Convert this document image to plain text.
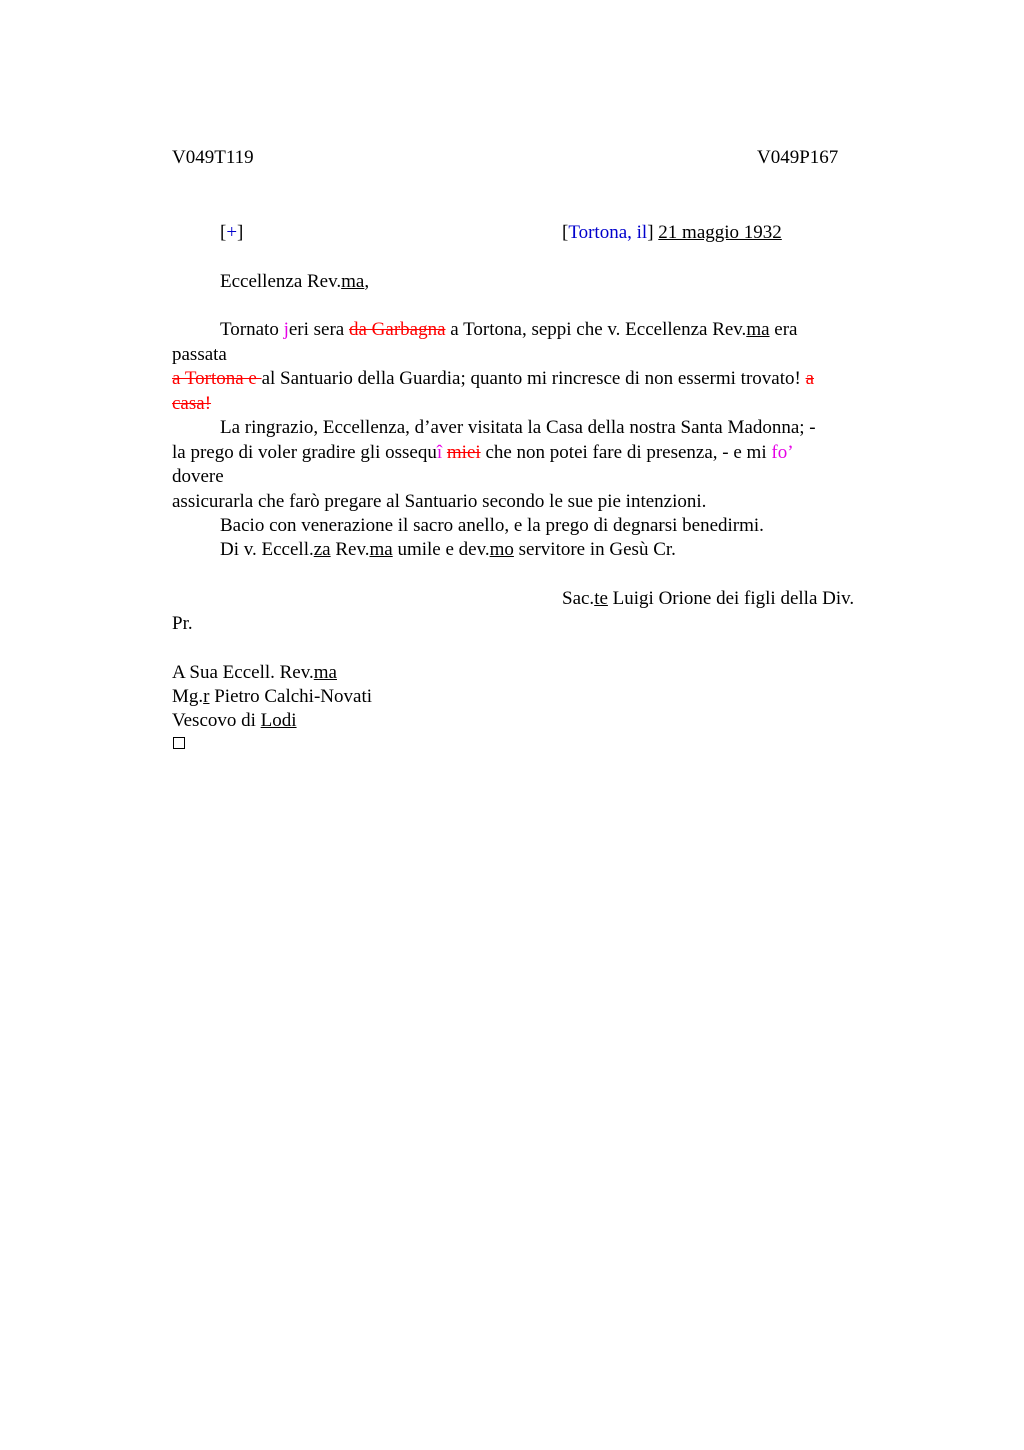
V049T119	V049P167
[+]	[Tortona, il] 21 maggio 1932
Eccellenza Rev.ma,
Tornato jeri sera da Garbagna a Tortona, seppi che v. Eccellenza Rev.ma era
passata
a Tortona e al Santuario della Guardia; quanto mi rincresce di non essermi trovato! a
casa!
La ringrazio, Eccellenza, d’aver visitata la Casa della nostra Santa Madonna; -
la prego di voler gradire gli ossequî miei che non potei fare di presenza, - e mi fo’
dovere
assicurarla che farò pregare al Santuario secondo le sue pie intenzioni.
Bacio con venerazione il sacro anello, e la prego di degnarsi benedirmi.
Di v. Eccell.za Rev.ma umile e dev.mo servitore in Gesù Cr.
Sac.te Luigi Orione dei figli della Div.
Pr.
A Sua Eccell. Rev.ma
Mg.r Pietro Calchi-Novati
Vescovo di Lodi
